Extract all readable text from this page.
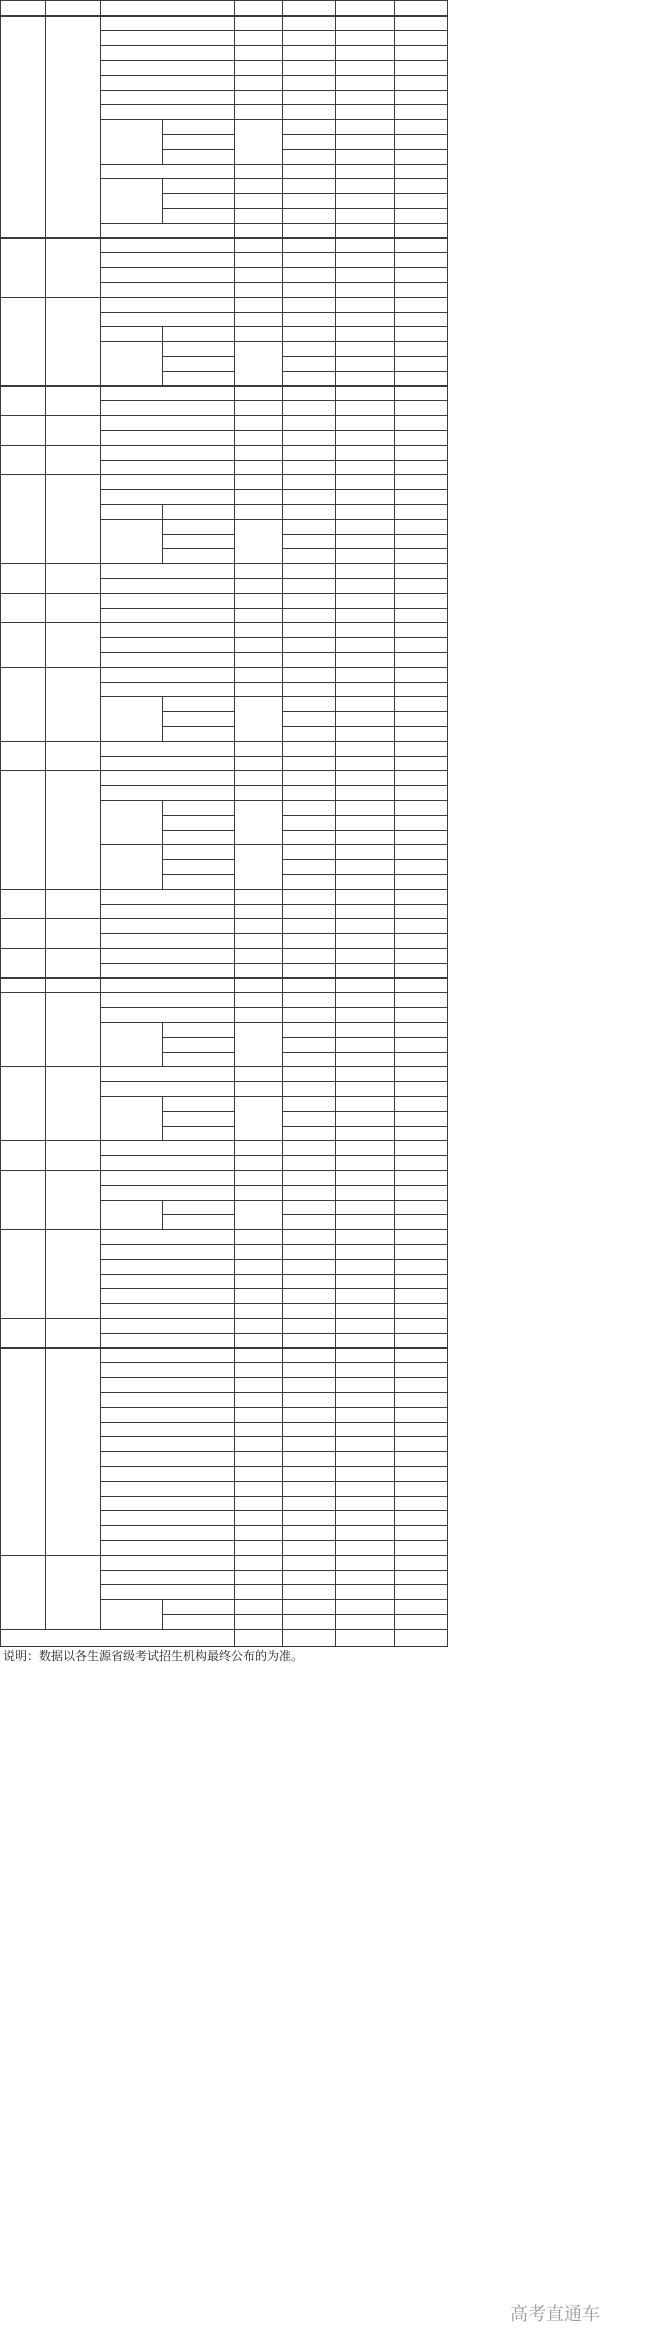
说明：数据以各生源省级考试招生机构最终公布的为准。
高考直通车
